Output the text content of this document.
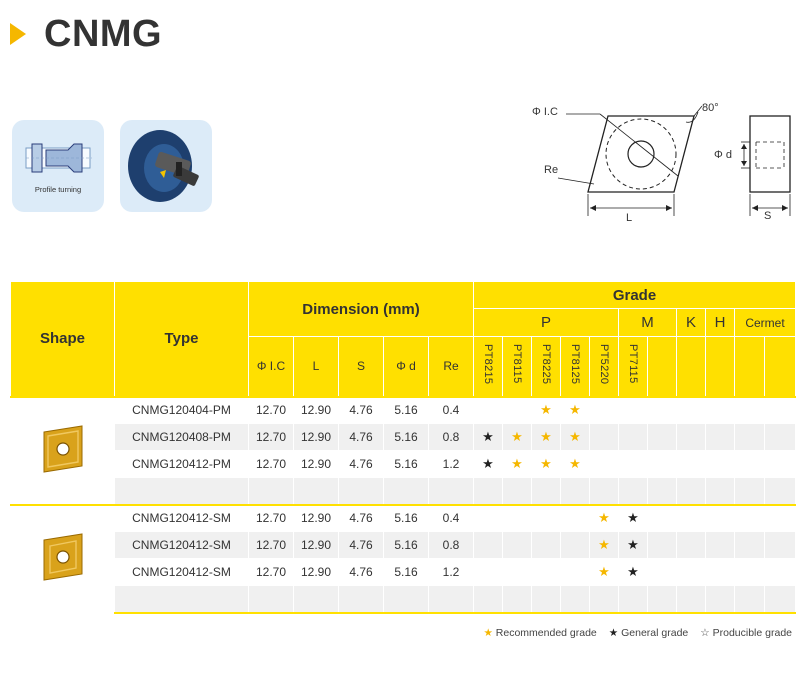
CNMG
Profile turning
Φ I.C	80°
Re
L
Φ d
S
Shape	Type	Dimension (mm)					Grade										
							P					M		K	H	Cermet	
		Φ I.C	L	S	Φ d	Re	PT8215	PT8115	PT8225	PT8125	PT5220	PT7115					
	CNMG120404-PM	12.70	12.90	4.76	5.16	0.4			★	★							
	CNMG120408-PM	12.70	12.90	4.76	5.16	0.8	★	★	★	★							
	CNMG120412-PM	12.70	12.90	4.76	5.16	1.2	★	★	★	★							

	CNMG120412-SM	12.70	12.90	4.76	5.16	0.4					★	★					
	CNMG120412-SM	12.70	12.90	4.76	5.16	0.8					★	★					
	CNMG120412-SM	12.70	12.90	4.76	5.16	1.2					★	★					

★ Recommended grade ★ General grade ☆ Producible grade
